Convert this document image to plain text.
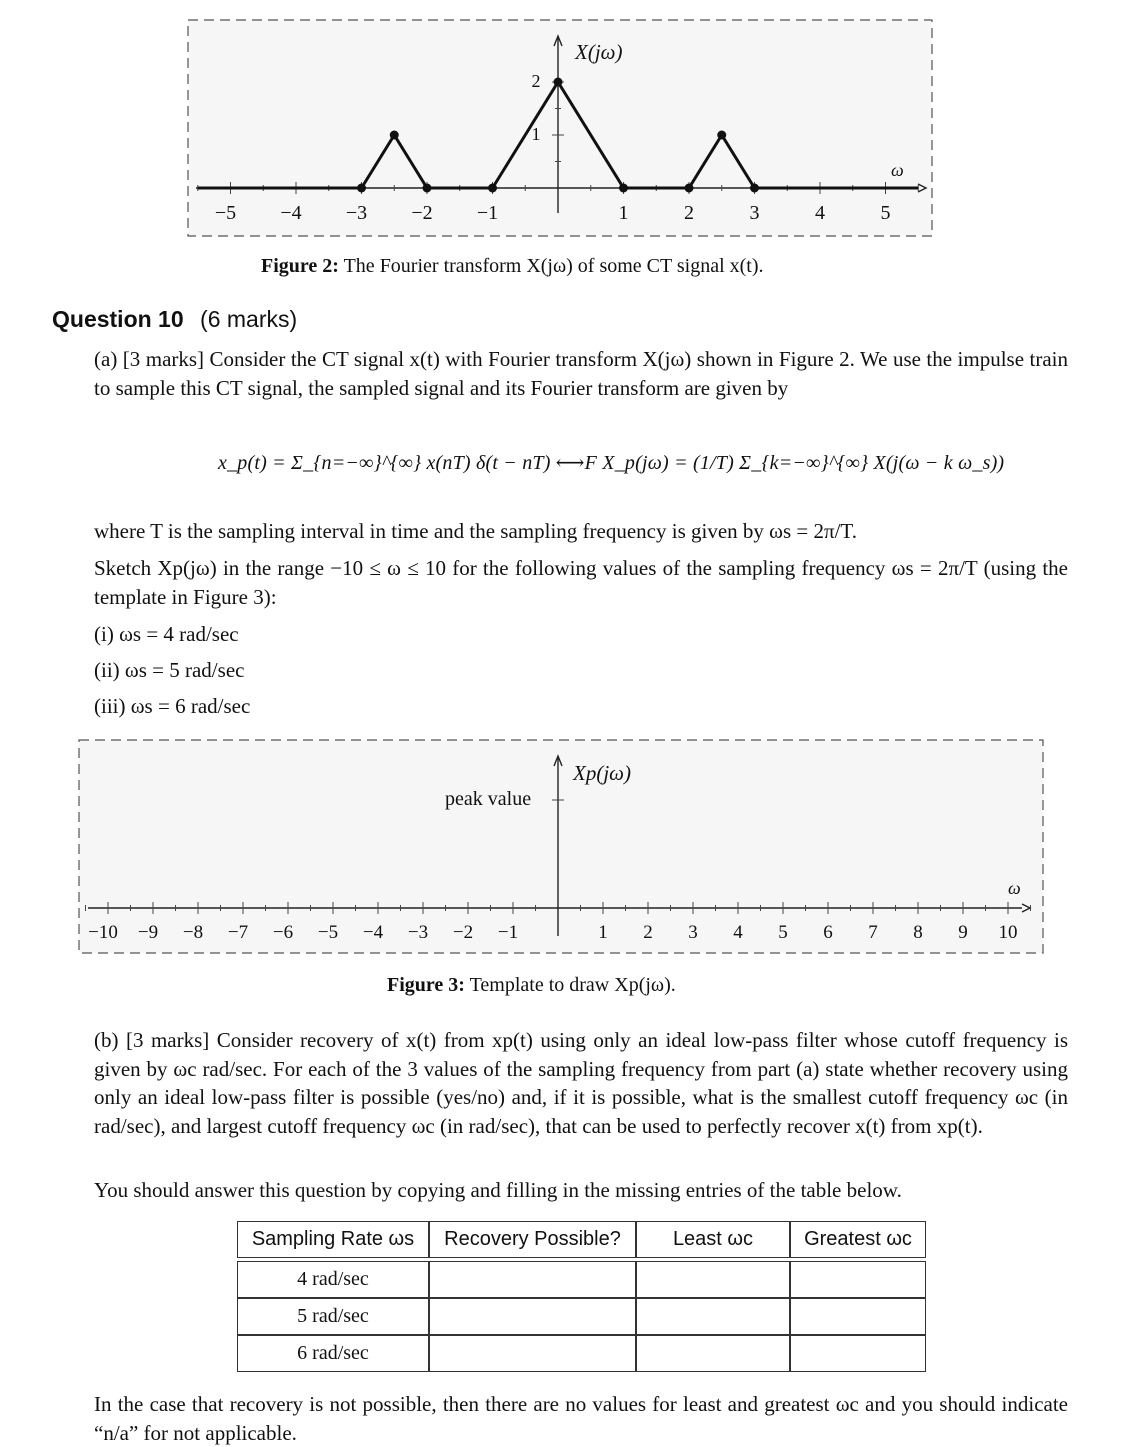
X(jω)
ω
−5	−4	−3	−2	−1	1	2	3	4	5
1
2
Figure 2: The Fourier transform X(jω) of some CT signal x(t).
Question 10 (6 marks)
(a) [3 marks] Consider the CT signal x(t) with Fourier transform X(jω) shown in Figure 2. We use the impulse train to sample this CT signal, the sampled signal and its Fourier transform are given by
x_p(t) = Σ_{n=−∞}^{∞} x(nT) δ(t − nT) ⟷F X_p(jω) = (1/T) Σ_{k=−∞}^{∞} X(j(ω − k ω_s))
where T is the sampling interval in time and the sampling frequency is given by ωs = 2π/T.
Sketch Xp(jω) in the range −10 ≤ ω ≤ 10 for the following values of the sampling frequency ωs = 2π/T (using the template in Figure 3):
(i) ωs = 4 rad/sec
(ii) ωs = 5 rad/sec
(iii) ωs = 6 rad/sec
Xp(jω)
peak value
ω
−10	−9	−8	−7	−6	−5	−4	−3	−2	−1	1	2	3	4	5	6	7	8	9	10
Figure 3: Template to draw Xp(jω).
(b) [3 marks] Consider recovery of x(t) from xp(t) using only an ideal low-pass filter whose cutoff frequency is given by ωc rad/sec. For each of the 3 values of the sampling frequency from part (a) state whether recovery using only an ideal low-pass filter is possible (yes/no) and, if it is possible, what is the smallest cutoff frequency ωc (in rad/sec), and largest cutoff frequency ωc (in rad/sec), that can be used to perfectly recover x(t) from xp(t).
You should answer this question by copying and filling in the missing entries of the table below.
Sampling Rate ωs	Recovery Possible?	Least ωc	Greatest ωc
4 rad/sec			
5 rad/sec			
6 rad/sec			
In the case that recovery is not possible, then there are no values for least and greatest ωc and you should indicate “n/a” for not applicable.
